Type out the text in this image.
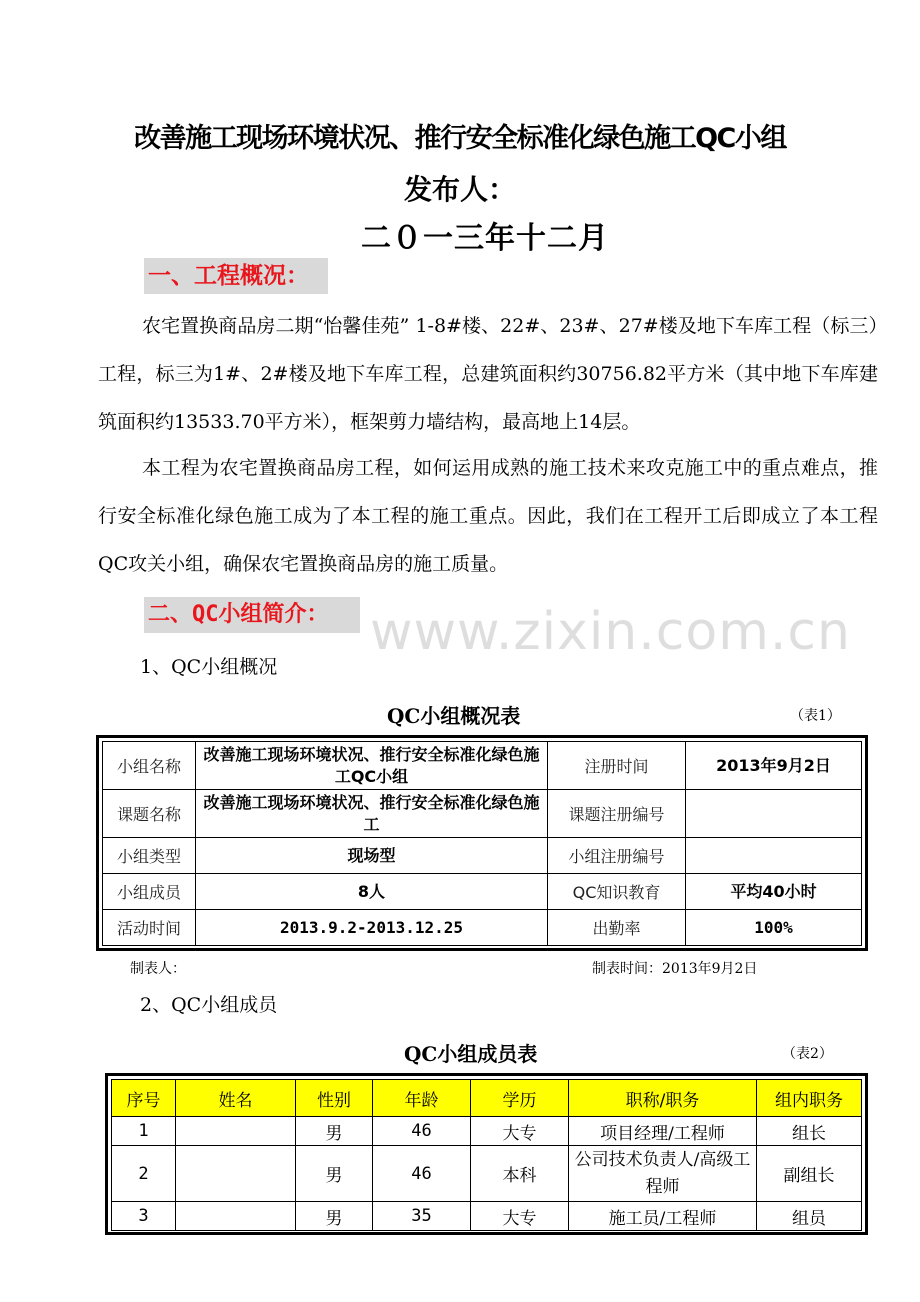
改善施工现场环境状况、推行安全标准化绿色施工QC小组
发布人：
二０一三年十二月
一、工程概况：
农宅置换商品房二期“怡馨佳苑” 1-8#楼、22#、23#、27#楼及地下车库工程（标三）工程，标三为1#、2#楼及地下车库工程，总建筑面积约30756.82平方米（其中地下车库建筑面积约13533.70平方米），框架剪力墙结构，最高地上14层。
本工程为农宅置换商品房工程，如何运用成熟的施工技术来攻克施工中的重点难点，推行安全标准化绿色施工成为了本工程的施工重点。因此，我们在工程开工后即成立了本工程QC攻关小组，确保农宅置换商品房的施工质量。
二、QC小组简介： www.zixin.com.cn
1、QC小组概况
QC小组概况表	（表1）
小组名称	改善施工现场环境状况、推行安全标准化绿色施工QC小组	注册时间	2013年9月2日
课题名称	改善施工现场环境状况、推行安全标准化绿色施工	课题注册编号	
小组类型	现场型	小组注册编号	
小组成员	8人	QC知识教育	平均40小时
活动时间	2013.9.2-2013.12.25	出勤率	100%
制表人：	制表时间：2013年9月2日
2、QC小组成员
QC小组成员表	（表2）
序号	姓名	性别	年龄	学历	职称/职务	组内职务
1		男	46	大专	项目经理/工程师	组长
2		男	46	本科	公司技术负责人/高级工程师	副组长
3		男	35	大专	施工员/工程师	组员
